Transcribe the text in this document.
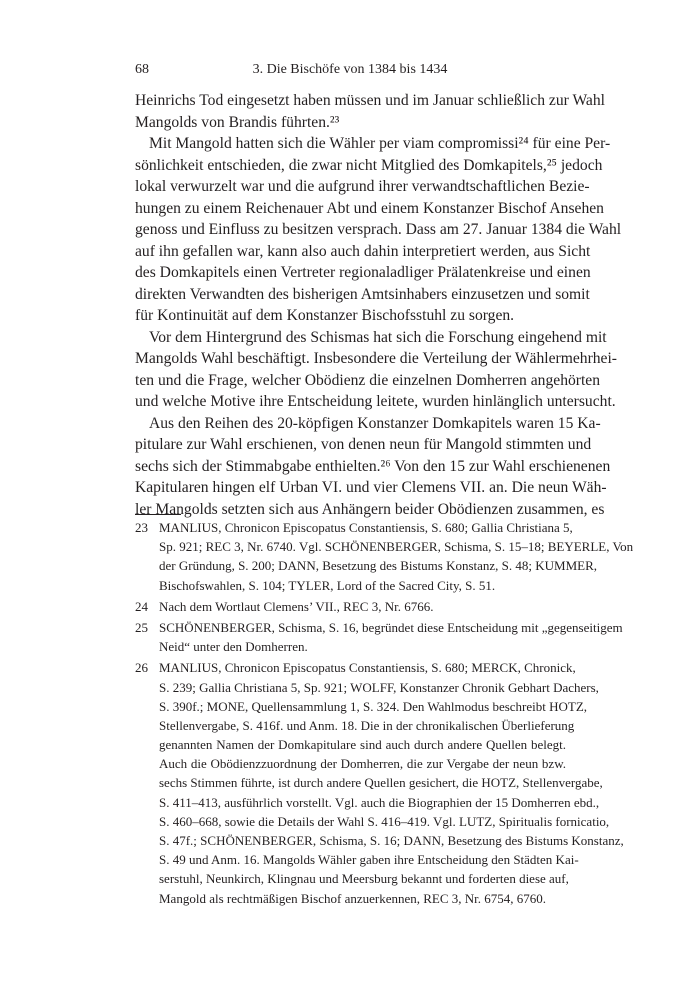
68	3. Die Bischöfe von 1384 bis 1434
Heinrichs Tod eingesetzt haben müssen und im Januar schließlich zur Wahl
Mangolds von Brandis führten.²³
Mit Mangold hatten sich die Wähler per viam compromissi²⁴ für eine Per-
sönlichkeit entschieden, die zwar nicht Mitglied des Domkapitels,²⁵ jedoch
lokal verwurzelt war und die aufgrund ihrer verwandtschaftlichen Bezie-
hungen zu einem Reichenauer Abt und einem Konstanzer Bischof Ansehen
genoss und Einfluss zu besitzen versprach. Dass am 27. Januar 1384 die Wahl
auf ihn gefallen war, kann also auch dahin interpretiert werden, aus Sicht
des Domkapitels einen Vertreter regionaladliger Prälatenkreise und einen
direkten Verwandten des bisherigen Amtsinhabers einzusetzen und somit
für Kontinuität auf dem Konstanzer Bischofsstuhl zu sorgen.
Vor dem Hintergrund des Schismas hat sich die Forschung eingehend mit
Mangolds Wahl beschäftigt. Insbesondere die Verteilung der Wählermehrhei-
ten und die Frage, welcher Obödienz die einzelnen Domherren angehörten
und welche Motive ihre Entscheidung leitete, wurden hinlänglich untersucht.
Aus den Reihen des 20-köpfigen Konstanzer Domkapitels waren 15 Ka-
pitulare zur Wahl erschienen, von denen neun für Mangold stimmten und
sechs sich der Stimmabgabe enthielten.²⁶ Von den 15 zur Wahl erschienenen
Kapitularen hingen elf Urban VI. und vier Clemens VII. an. Die neun Wäh-
ler Mangolds setzten sich aus Anhängern beider Obödienzen zusammen, es
23 MANLIUS, Chronicon Episcopatus Constantiensis, S. 680; Gallia Christiana 5,
Sp. 921; REC 3, Nr. 6740. Vgl. SCHÖNENBERGER, Schisma, S. 15–18; BEYERLE, Von
der Gründung, S. 200; DANN, Besetzung des Bistums Konstanz, S. 48; KUMMER,
Bischofswahlen, S. 104; TYLER, Lord of the Sacred City, S. 51.
24 Nach dem Wortlaut Clemens’ VII., REC 3, Nr. 6766.
25 SCHÖNENBERGER, Schisma, S. 16, begründet diese Entscheidung mit „gegenseitigem
Neid“ unter den Domherren.
26 MANLIUS, Chronicon Episcopatus Constantiensis, S. 680; MERCK, Chronick,
S. 239; Gallia Christiana 5, Sp. 921; WOLFF, Konstanzer Chronik Gebhart Dachers,
S. 390f.; MONE, Quellensammlung 1, S. 324. Den Wahlmodus beschreibt HOTZ,
Stellenvergabe, S. 416f. und Anm. 18. Die in der chronikalischen Überlieferung
genannten Namen der Domkapitulare sind auch durch andere Quellen belegt.
Auch die Obödienzzuordnung der Domherren, die zur Vergabe der neun bzw.
sechs Stimmen führte, ist durch andere Quellen gesichert, die HOTZ, Stellenvergabe,
S. 411–413, ausführlich vorstellt. Vgl. auch die Biographien der 15 Domherren ebd.,
S. 460–668, sowie die Details der Wahl S. 416–419. Vgl. LUTZ, Spiritualis fornicatio,
S. 47f.; SCHÖNENBERGER, Schisma, S. 16; DANN, Besetzung des Bistums Konstanz,
S. 49 und Anm. 16. Mangolds Wähler gaben ihre Entscheidung den Städten Kai-
serstuhl, Neunkirch, Klingnau und Meersburg bekannt und forderten diese auf,
Mangold als rechtmäßigen Bischof anzuerkennen, REC 3, Nr. 6754, 6760.
